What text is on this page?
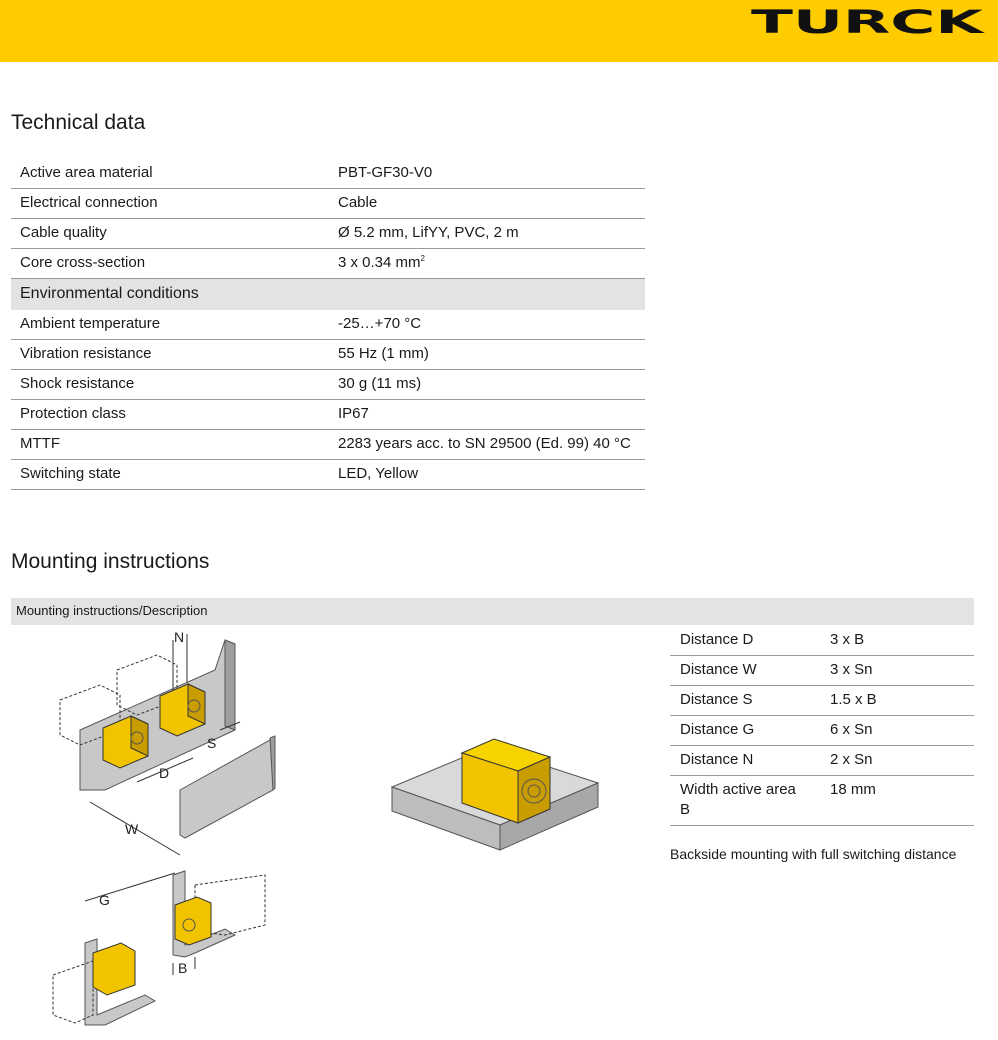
TURCK
Technical data
Active area material	PBT-GF30-V0
Electrical connection	Cable
Cable quality	Ø 5.2 mm, LifYY, PVC, 2 m
Core cross-section	3 x 0.34 $mm^2$
Environmental conditions	
Ambient temperature	-25…+70 °C
Vibration resistance	55 Hz (1 mm)
Shock resistance	30 g (11 ms)
Protection class	IP67
MTTF	2283 years acc. to SN 29500 (Ed. 99) 40 °C
Switching state	LED, Yellow
Mounting instructions
Mounting instructions/Description
N
S
D
W
G
B
Distance D	3 x B
Distance W	3 x Sn
Distance S	1.5 x B
Distance G	6 x Sn
Distance N	2 x Sn
Width active area B	18 mm
Backside mounting with full switching distance
